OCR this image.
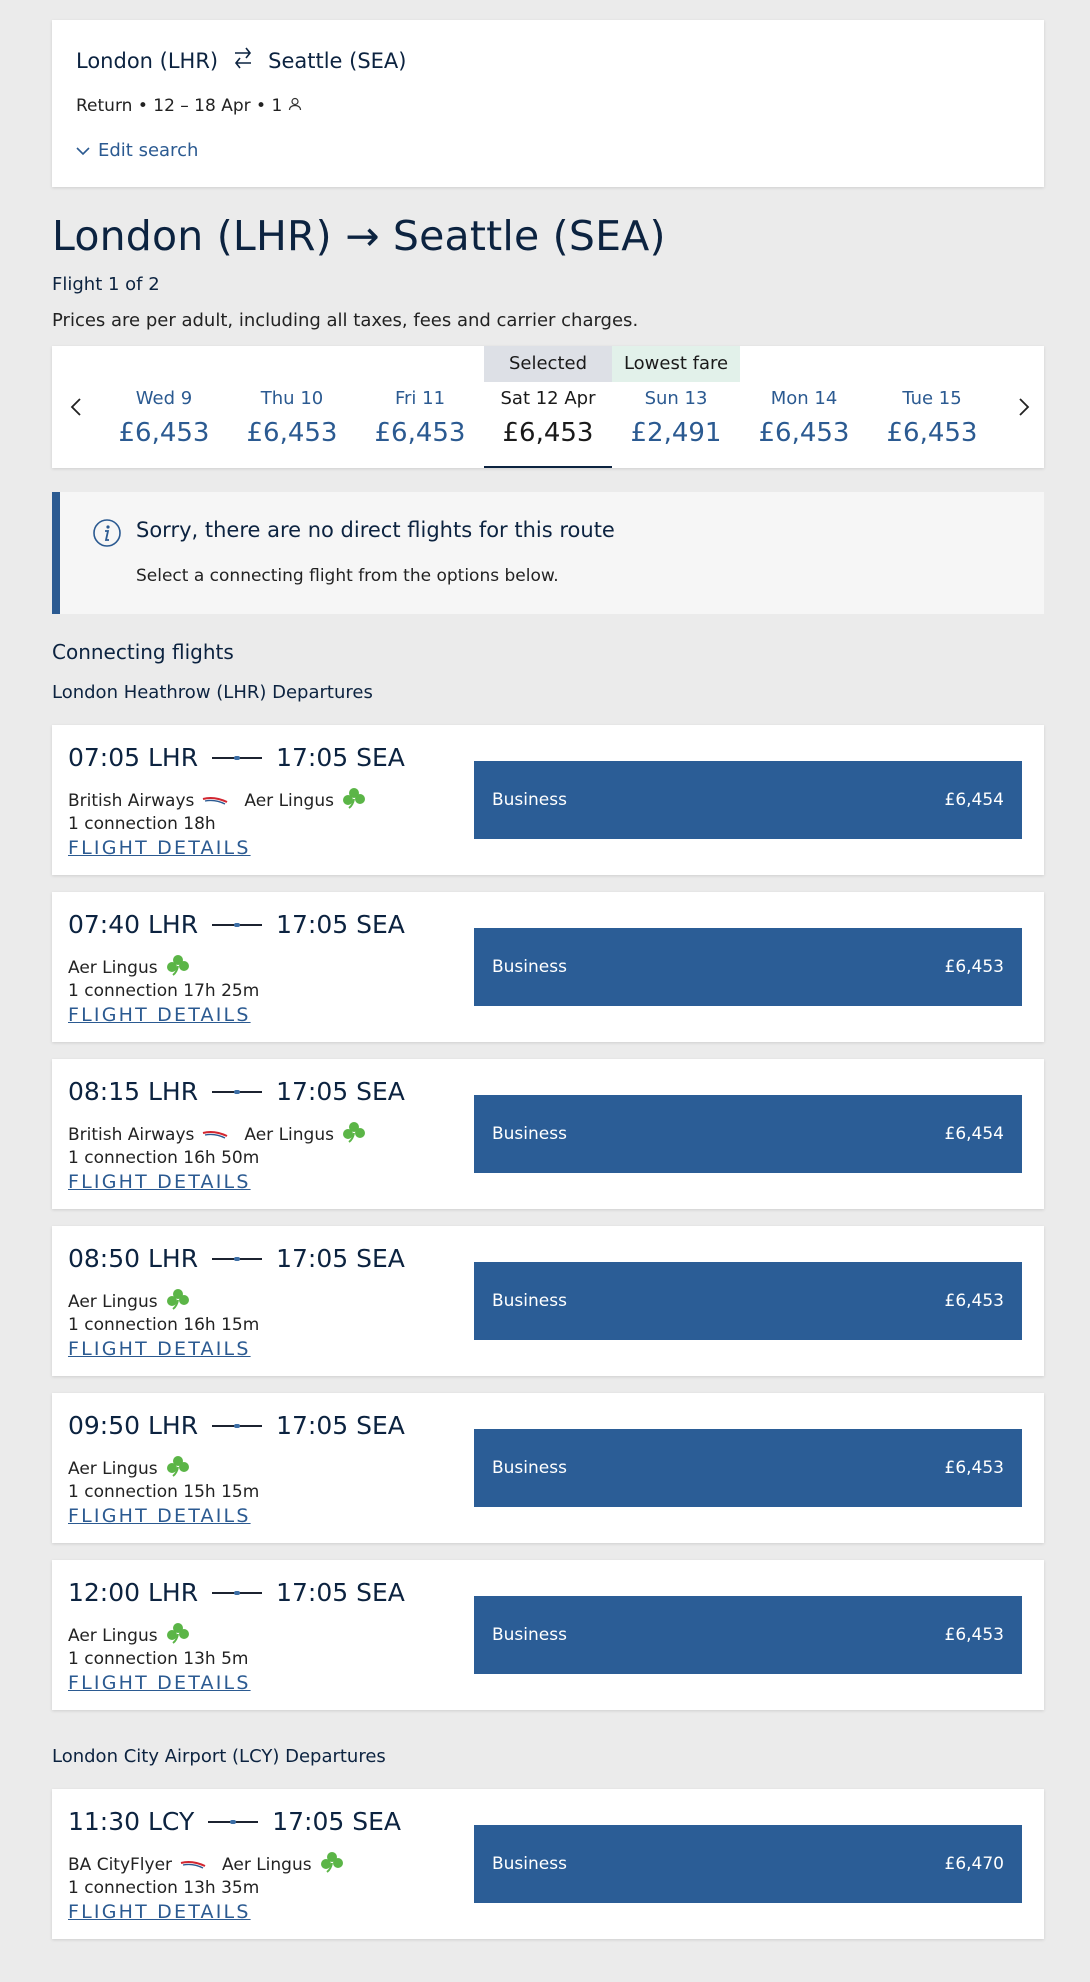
London (LHR) Seattle (SEA)
Return • 12 – 18 Apr • 1
Edit search
London (LHR) → Seattle (SEA)
Flight 1 of 2
Prices are per adult, including all taxes, fees and carrier charges.
Selected	Lowest fare
Wed 9
£6,453
Thu 10
£6,453
Fri 11
£6,453
Sat 12 Apr
£6,453
Sun 13
£2,491
Mon 14
£6,453
Tue 15
£6,453
Sorry, there are no direct flights for this route
Select a connecting flight from the options below.
Connecting flights
London Heathrow (LHR) Departures
07:05 LHR	17:05 SEA
British Airways	Aer Lingus
1 connection 18h
FLIGHT DETAILS
Business	£6,454
07:40 LHR	17:05 SEA
Aer Lingus
1 connection 17h 25m
FLIGHT DETAILS
Business	£6,453
08:15 LHR	17:05 SEA
British Airways	Aer Lingus
1 connection 16h 50m
FLIGHT DETAILS
Business	£6,454
08:50 LHR	17:05 SEA
Aer Lingus
1 connection 16h 15m
FLIGHT DETAILS
Business	£6,453
09:50 LHR	17:05 SEA
Aer Lingus
1 connection 15h 15m
FLIGHT DETAILS
Business	£6,453
12:00 LHR	17:05 SEA
Aer Lingus
1 connection 13h 5m
FLIGHT DETAILS
Business	£6,453
London City Airport (LCY) Departures
11:30 LCY	17:05 SEA
BA CityFlyer	Aer Lingus
1 connection 13h 35m
FLIGHT DETAILS
Business	£6,470
